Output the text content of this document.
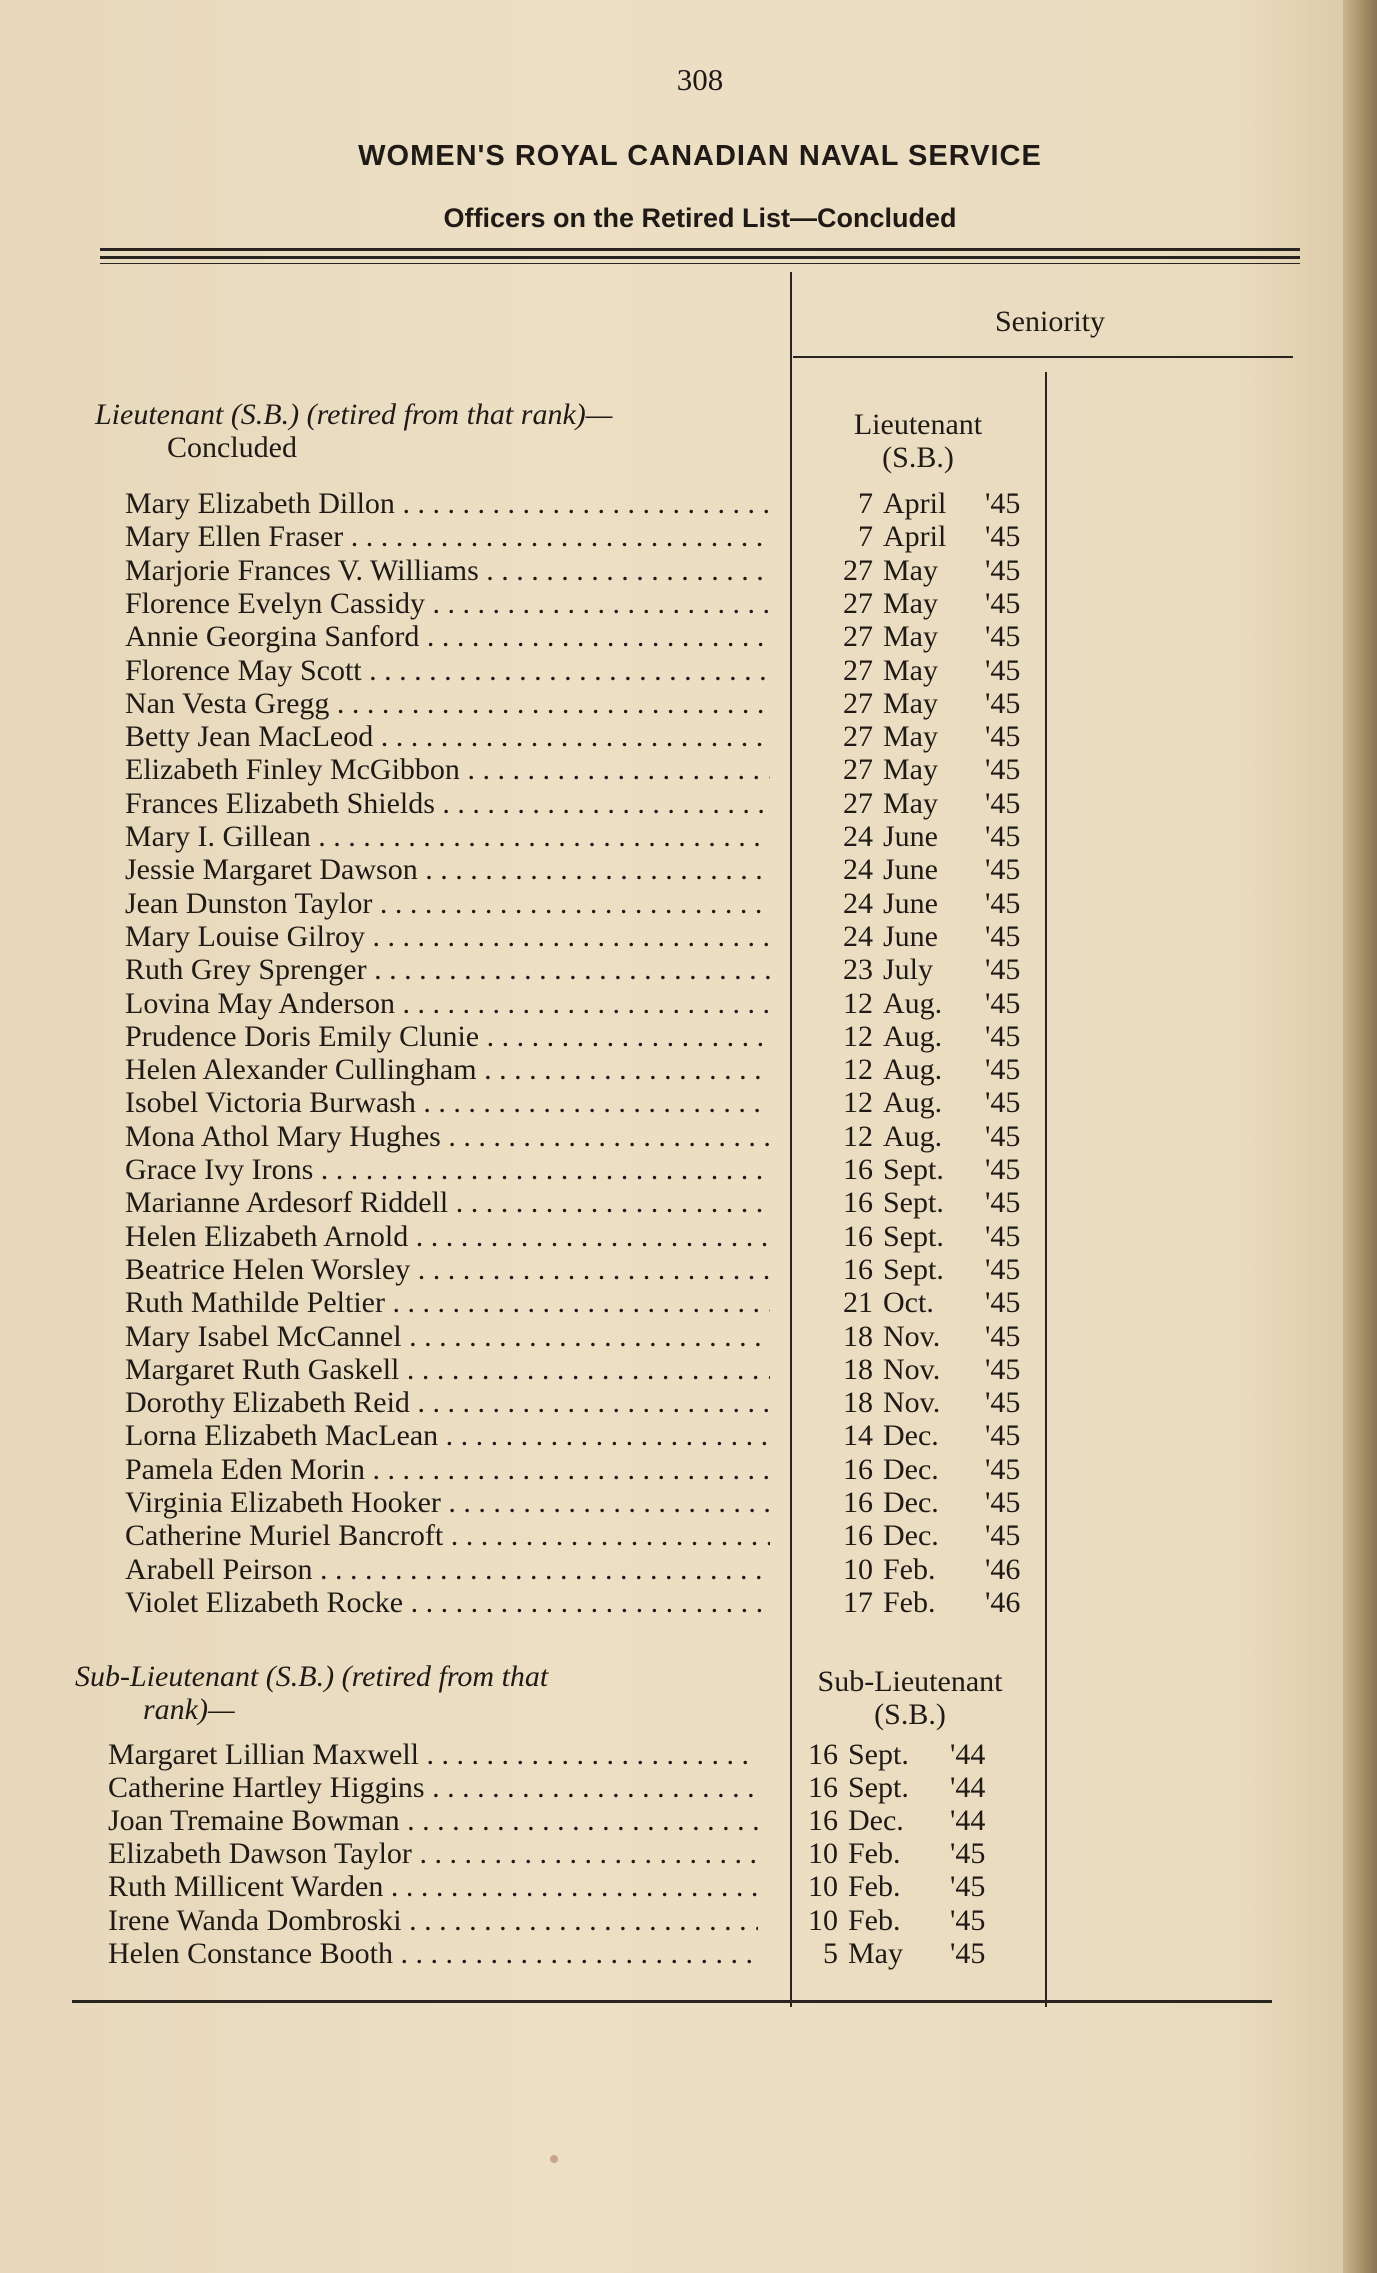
308
WOMEN'S ROYAL CANADIAN NAVAL SERVICE
Officers on the Retired List—Concluded
Seniority
Lieutenant (S.B.) (retired from that rank)—
Concluded
Lieutenant
(S.B.)
Mary Elizabeth Dillon . . .	7 April '45
Mary Ellen Fraser . . .	7 April '45
Marjorie Frances V. Williams . . .	27 May '45
Florence Evelyn Cassidy . . .	27 May '45
Annie Georgina Sanford . . .	27 May '45
Florence May Scott . . .	27 May '45
Nan Vesta Gregg . . .	27 May '45
Betty Jean MacLeod . . .	27 May '45
Elizabeth Finley McGibbon . . .	27 May '45
Frances Elizabeth Shields . . .	27 May '45
Mary I. Gillean . . .	24 June '45
Jessie Margaret Dawson . . .	24 June '45
Jean Dunston Taylor . . .	24 June '45
Mary Louise Gilroy . . .	24 June '45
Ruth Grey Sprenger . . .	23 July '45
Lovina May Anderson . . .	12 Aug. '45
Prudence Doris Emily Clunie . . .	12 Aug. '45
Helen Alexander Cullingham . . .	12 Aug. '45
Isobel Victoria Burwash . . .	12 Aug. '45
Mona Athol Mary Hughes . . .	12 Aug. '45
Grace Ivy Irons . . .	16 Sept. '45
Marianne Ardesorf Riddell . . .	16 Sept. '45
Helen Elizabeth Arnold . . .	16 Sept. '45
Beatrice Helen Worsley . . .	16 Sept. '45
Ruth Mathilde Peltier . . .	21 Oct. '45
Mary Isabel McCannel . . .	18 Nov. '45
Margaret Ruth Gaskell . . .	18 Nov. '45
Dorothy Elizabeth Reid . . .	18 Nov. '45
Lorna Elizabeth MacLean . . .	14 Dec. '45
Pamela Eden Morin . . .	16 Dec. '45
Virginia Elizabeth Hooker . . .	16 Dec. '45
Catherine Muriel Bancroft . . .	16 Dec. '45
Arabell Peirson . . .	10 Feb. '46
Violet Elizabeth Rocke . . .	17 Feb. '46
Sub-Lieutenant (S.B.) (retired from that
rank)—
Sub-Lieutenant
(S.B.)
Margaret Lillian Maxwell . . .	16 Sept. '44
Catherine Hartley Higgins . . .	16 Sept. '44
Joan Tremaine Bowman . . .	16 Dec. '44
Elizabeth Dawson Taylor . . .	10 Feb. '45
Ruth Millicent Warden . . .	10 Feb. '45
Irene Wanda Dombroski . . .	10 Feb. '45
Helen Constance Booth . . .	5 May '45
